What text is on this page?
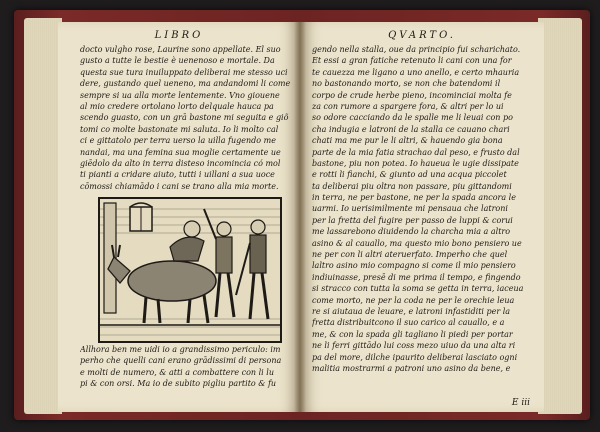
LIBRO
docto vulgho rose, Laurine sono appellate. El suo
gusto a tutte le bestie è uenenoso e mortale. Da
questa sue tura inuiluppato deliberai me stesso uci
dere, gustando quel ueneno, ma andandomi li come
sempre si ua alla morte lentemente. Vno giouene
al mio credere ortolano lorto delquale hauca pa
scendo guasto, con un grā bastone mi seguita e giõ
tomi co molte bastonate mi saluta. Io li molto cal
ci e gittatolo per terra uerso la uilla fugendo me
nandai, ma una femina sua moglie certamente ue
giēdolo da alto in terra disteso incomincia có mol
ti pianti a cridare aiuto, tutti i uillani a sua uoce
cōmossi chiamādo i cani se trano alla mia morte.
Allhora ben me uidi io a grandissimo periculo: im
perho che quelli cani erano grādissimi di persona
e molti de numero, & atti a combattere con li lu
pi & con orsi. Ma io de subito pigliu partito & fu
QVARTO.
gendo nella stalla, oue da principio fui scharichato.
Et essi a gran fatiche retenuto li cani con una for
te cauezza me ligano a uno anello, e certo mhauria
no bastonando morto, se non che batendomi il
corpo de crude herbe pieno, incominciai molta fe
za con rumore a spargere fora, & altri per lo ui
so odore cacciando da le spalle me li leuai con po
cha indugia e latroni de la stalla ce cauano chari
chati ma me pur le li altri, & hauendo gia bona
parte de la mia fatia strachao dal peso, e frusto dal
bastone, piu non potea. Io haueua le ugie dissipate
e rotti li fianchi, & giunto ad una acqua piccolet
ta deliberai piu oltra non passare, piu gittandomi
in terra, ne per bastone, ne per la spada ancora le
uarmi. Io uerisimilmente mi pensaua che latroni
per la fretta del fugire per passo de luppi & corui
me lassarebono diuidendo la charcha mia a altro
asino & al cauallo, ma questo mio bono pensiero ue
ne per con li altri ateruerfato. Imperho che quel
laltro asino mio compagno si come il mio pensiero
indiuinasse, presē di me prima il tempo, e fingendo
si stracco con tutta la soma se getta in terra, iaceua
come morto, ne per la coda ne per le orechie leua
re si aiutaua de leuare, e latroni infastiditi per la
fretta distribuitcono il suo carico al cauallo, e a
me, & con la spada gli tagliano li piedi per portar
ne li ferri gittādo lui coss mezo uiuo da una alta ri
pa del more, dilche ipaurito deliberai lasciato ogni
malitia mostrarmi a patroni uno asino da bene, e
E iii
